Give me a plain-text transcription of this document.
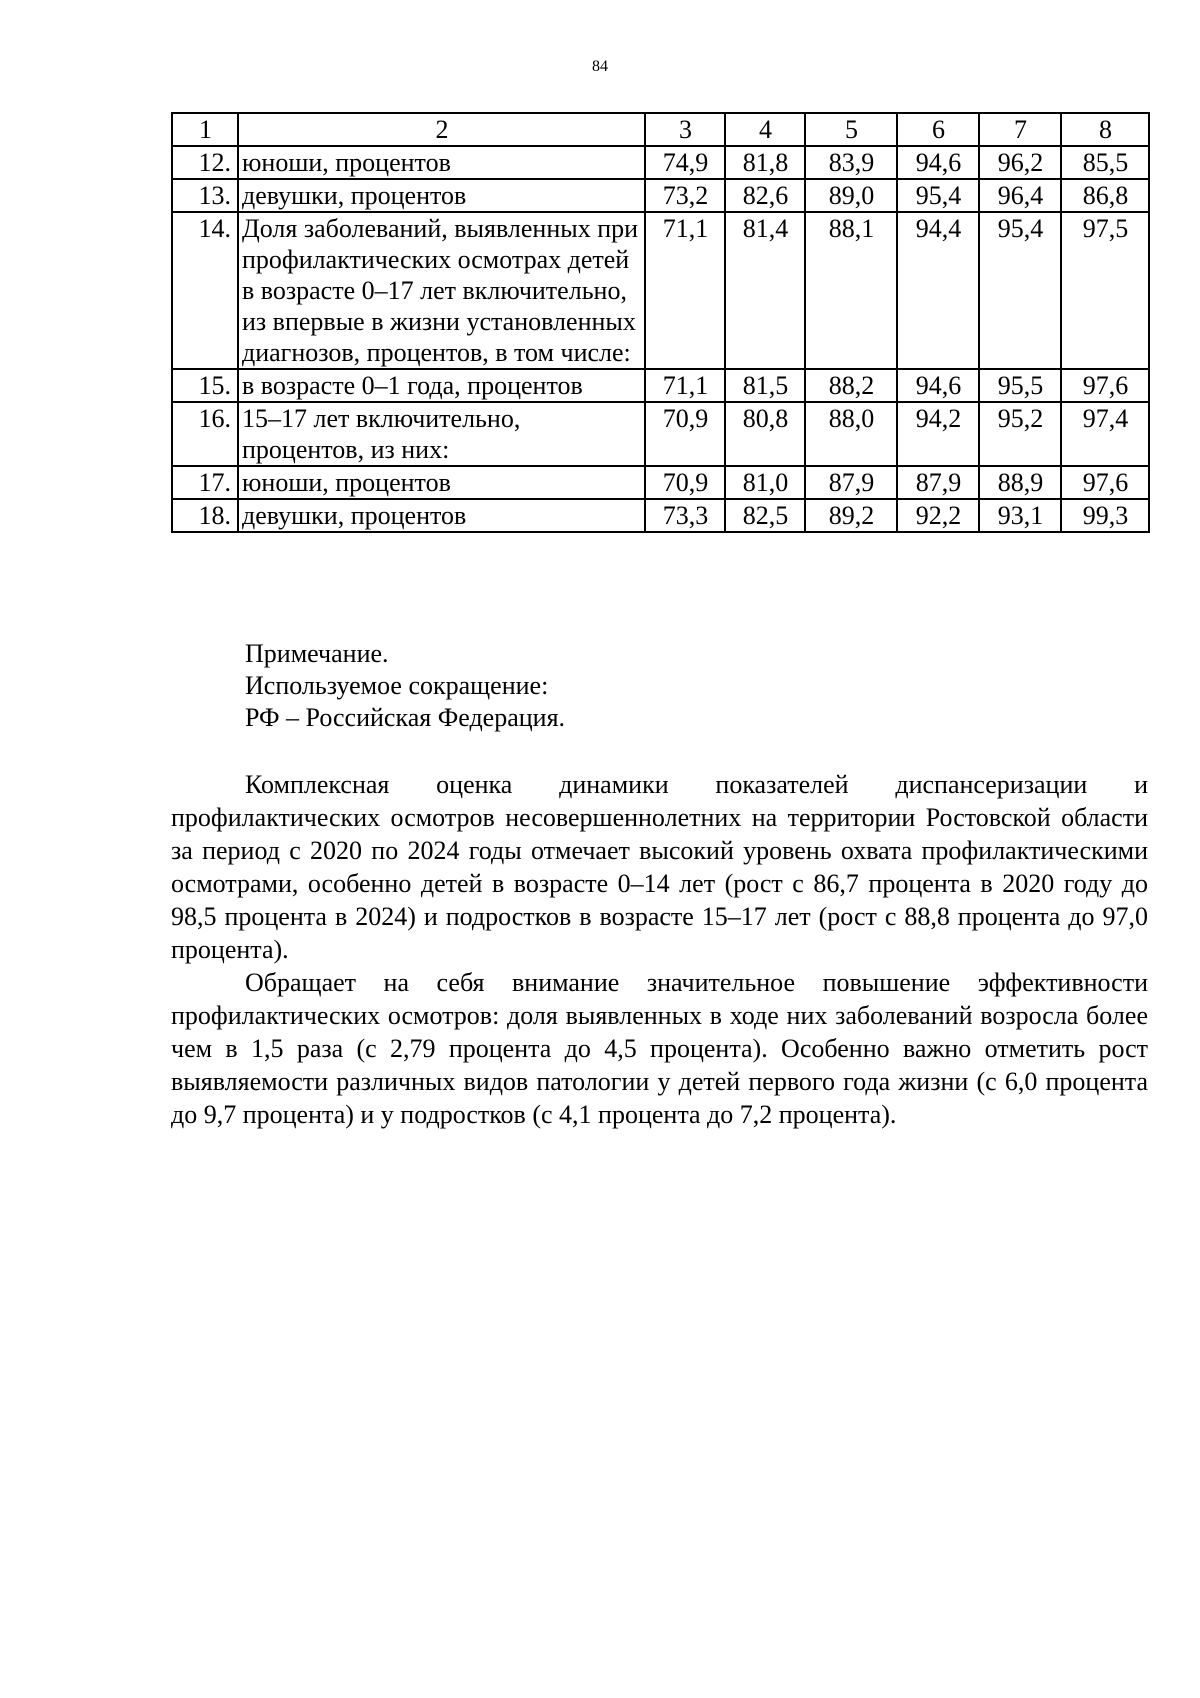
84
1	2	3	4	5	6	7	8
12.	юноши, процентов	74,9	81,8	83,9	94,6	96,2	85,5
13.	девушки, процентов	73,2	82,6	89,0	95,4	96,4	86,8
14.	Доля заболеваний, выявленных при профилактических осмотрах детей в возрасте 0–17 лет включительно, из впервые в жизни установленных диагнозов, процентов, в том числе:	71,1	81,4	88,1	94,4	95,4	97,5
15.	в возрасте 0–1 года, процентов	71,1	81,5	88,2	94,6	95,5	97,6
16.	15–17 лет включительно, процентов, из них:	70,9	80,8	88,0	94,2	95,2	97,4
17.	юноши, процентов	70,9	81,0	87,9	87,9	88,9	97,6
18.	девушки, процентов	73,3	82,5	89,2	92,2	93,1	99,3
Примечание.
Используемое сокращение:
РФ – Российская Федерация.

Комплексная оценка динамики показателей диспансеризации и профилактических осмотров несовершеннолетних на территории Ростовской области за период с 2020 по 2024 годы отмечает высокий уровень охвата профилактическими осмотрами, особенно детей в возрасте 0–14 лет (рост с 86,7 процента в 2020 году до 98,5 процента в 2024) и подростков в возрасте 15–17 лет (рост с 88,8 процента до 97,0 процента).

Обращает на себя внимание значительное повышение эффективности профилактических осмотров: доля выявленных в ходе них заболеваний возросла более чем в 1,5 раза (с 2,79 процента до 4,5 процента). Особенно важно отметить рост выявляемости различных видов патологии у детей первого года жизни (с 6,0 процента до 9,7 процента) и у подростков (с 4,1 процента до 7,2 процента).
